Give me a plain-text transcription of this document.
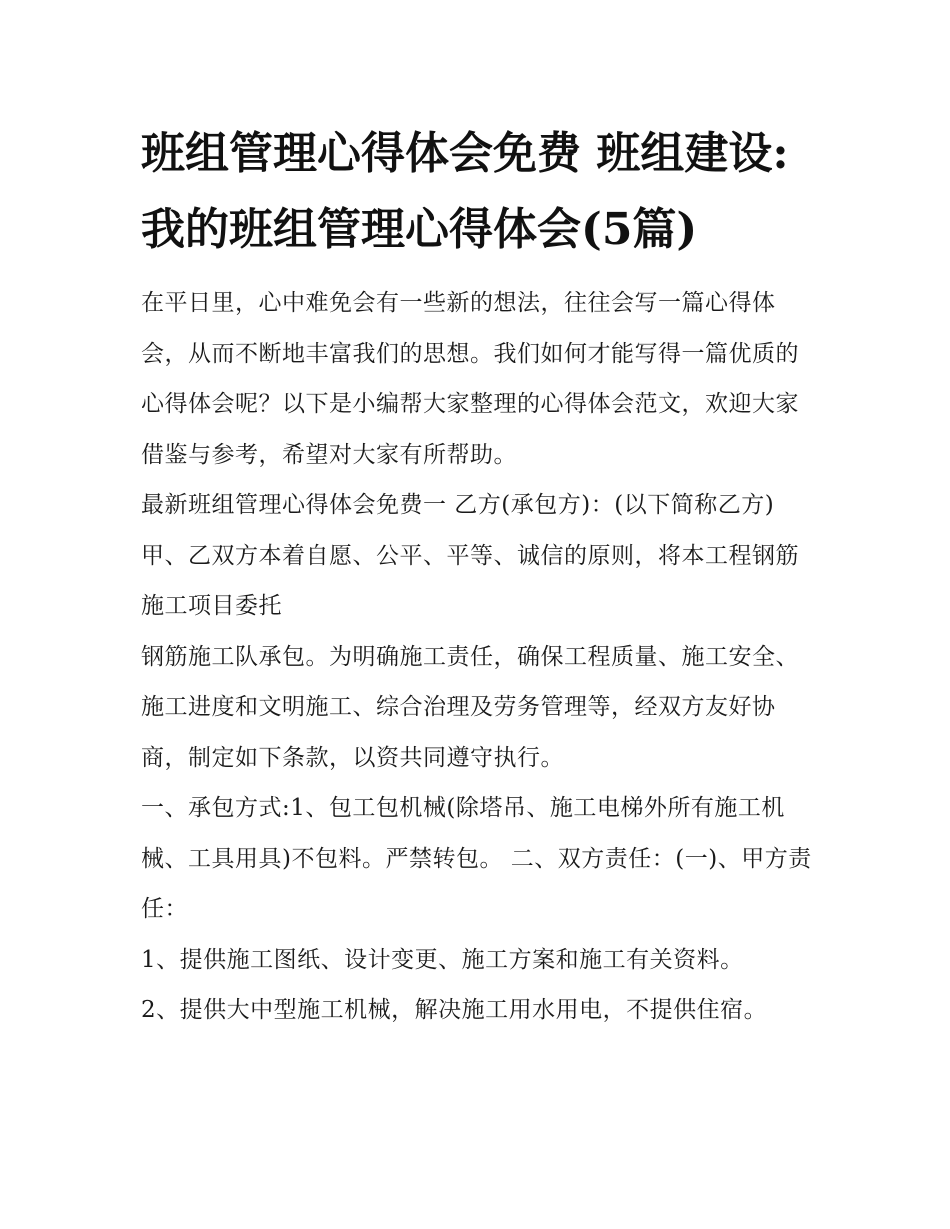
班组管理心得体会免费 班组建设:我的班组管理心得体会(5篇)

在平日里，心中难免会有一些新的想法，往往会写一篇心得体会，从而不断地丰富我们的思想。我们如何才能写得一篇优质的心得体会呢？以下是小编帮大家整理的心得体会范文，欢迎大家借鉴与参考，希望对大家有所帮助。

最新班组管理心得体会免费一 乙方(承包方)：(以下简称乙方) 甲、乙双方本着自愿、公平、平等、诚信的原则，将本工程钢筋施工项目委托

钢筋施工队承包。为明确施工责任，确保工程质量、施工安全、施工进度和文明施工、综合治理及劳务管理等，经双方友好协商，制定如下条款，以资共同遵守执行。

一、承包方式:1、包工包机械(除塔吊、施工电梯外所有施工机械、工具用具)不包料。严禁转包。 二、双方责任：(一)、甲方责任：

1、提供施工图纸、设计变更、施工方案和施工有关资料。

2、提供大中型施工机械，解决施工用水用电，不提供住宿。
